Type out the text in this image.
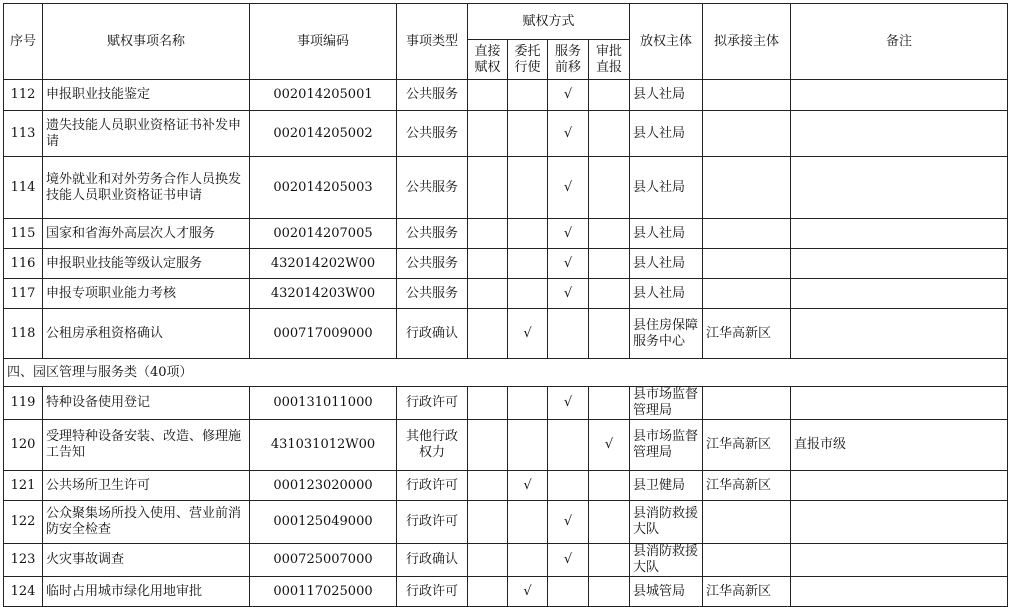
序号	赋权事项名称	事项编码	事项类型	赋权方式				放权主体	拟承接主体	备注
				直接赋权	委托行使	服务前移	审批直报			
112	申报职业技能鉴定	002014205001	公共服务			√		县人社局		
113	遗失技能人员职业资格证书补发申请	002014205002	公共服务			√		县人社局		
114	境外就业和对外劳务合作人员换发技能人员职业资格证书申请	002014205003	公共服务			√		县人社局		
115	国家和省海外高层次人才服务	002014207005	公共服务			√		县人社局		
116	申报职业技能等级认定服务	432014202W00	公共服务			√		县人社局		
117	申报专项职业能力考核	432014203W00	公共服务			√		县人社局		
118	公租房承租资格确认	000717009000	行政确认		√			县住房保障服务中心	江华高新区	
四、园区管理与服务类（40项）										
119	特种设备使用登记	000131011000	行政许可			√		县市场监督管理局		
120	受理特种设备安装、改造、修理施工告知	431031012W00	其他行政权力				√	县市场监督管理局	江华高新区	直报市级
121	公共场所卫生许可	000123020000	行政许可		√			县卫健局	江华高新区	
122	公众聚集场所投入使用、营业前消防安全检查	000125049000	行政许可			√		县消防救援大队		
123	火灾事故调查	000725007000	行政确认			√		县消防救援大队		
124	临时占用城市绿化用地审批	000117025000	行政许可		√			县城管局	江华高新区	
